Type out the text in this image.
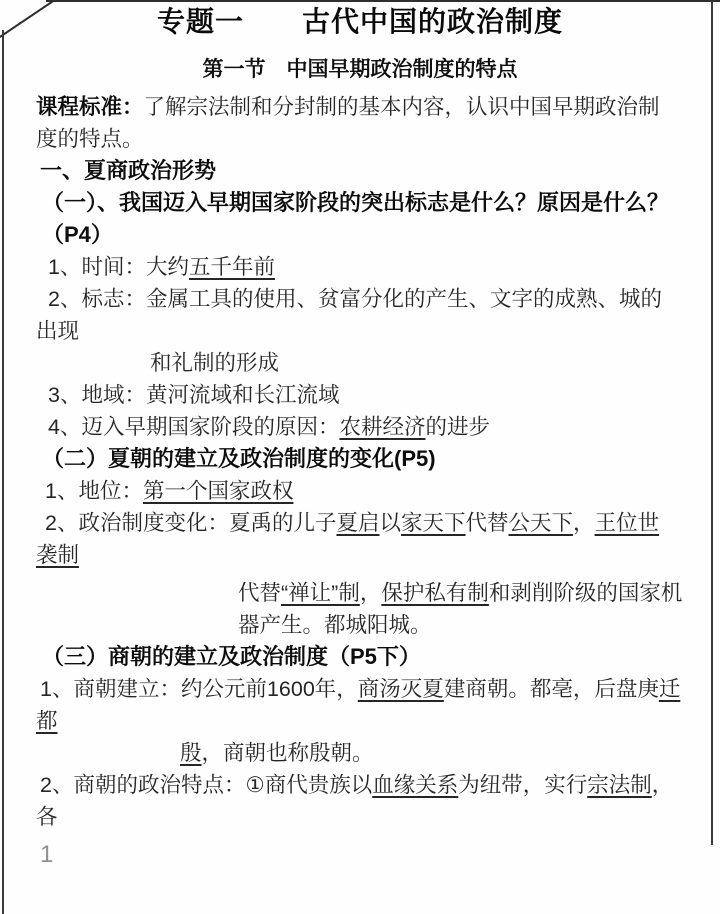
专题一　　古代中国的政治制度
第一节　中国早期政治制度的特点
课程标准：了解宗法制和分封制的基本内容，认识中国早期政治制
度的特点。
一、夏商政治形势
（一）、我国迈入早期国家阶段的突出标志是什么？原因是什么？
（P4）
1、时间：大约五千年前
2、标志：金属工具的使用、贫富分化的产生、文字的成熟、城的
出现
和礼制的形成
3、地域：黄河流域和长江流域
4、迈入早期国家阶段的原因：农耕经济的进步
（二）夏朝的建立及政治制度的变化(P5)
1、地位：第一个国家政权
2、政治制度变化：夏禹的儿子夏启以家天下代替公天下，王位世
袭制
代替“禅让”制，保护私有制和剥削阶级的国家机
器产生。都城阳城。
（三）商朝的建立及政治制度（P5下）
1、商朝建立：约公元前1600年，商汤灭夏建商朝。都亳，后盘庚迁
都
殷，商朝也称殷朝。
2、商朝的政治特点：①商代贵族以血缘关系为纽带，实行宗法制，
各
1
